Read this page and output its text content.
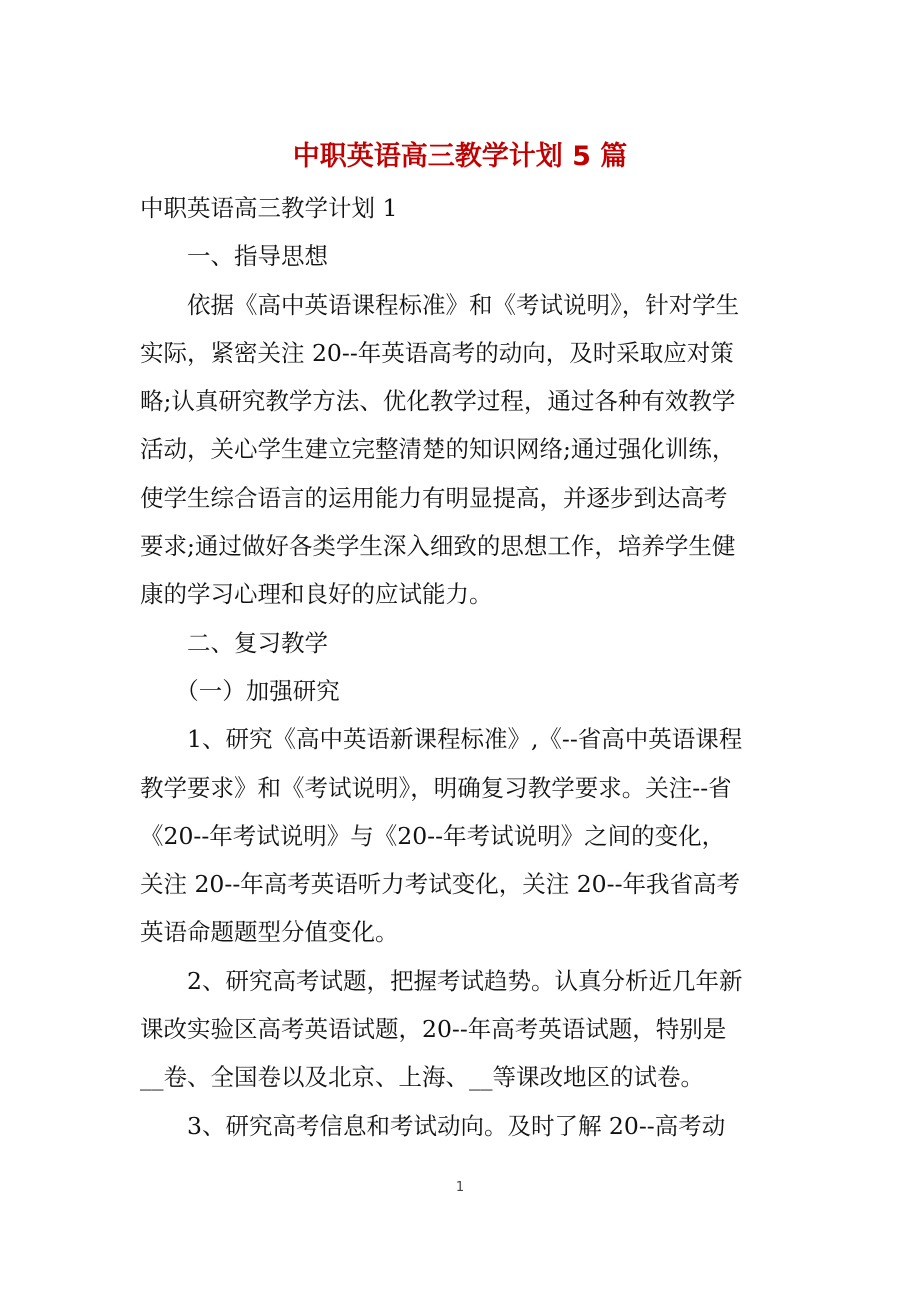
中职英语高三教学计划 5 篇

中职英语高三教学计划 1

　　一、指导思想

　　依据《高中英语课程标准》和《考试说明》，针对学生

实际，紧密关注 20--年英语高考的动向，及时采取应对策

略;认真研究教学方法、优化教学过程，通过各种有效教学

活动，关心学生建立完整清楚的知识网络;通过强化训练，

使学生综合语言的运用能力有明显提高，并逐步到达高考

要求;通过做好各类学生深入细致的思想工作，培养学生健

康的学习心理和良好的应试能力。

　　二、复习教学

　　（一）加强研究

　　1、研究《高中英语新课程标准》,《--省高中英语课程

教学要求》和《考试说明》，明确复习教学要求。关注--省

《20--年考试说明》与《20--年考试说明》之间的变化，

关注 20--年高考英语听力考试变化，关注 20--年我省高考

英语命题题型分值变化。

　　2、研究高考试题，把握考试趋势。认真分析近几年新

课改实验区高考英语试题，20--年高考英语试题，特别是

__卷、全国卷以及北京、上海、__等课改地区的试卷。

　　3、研究高考信息和考试动向。及时了解 20--高考动

1
